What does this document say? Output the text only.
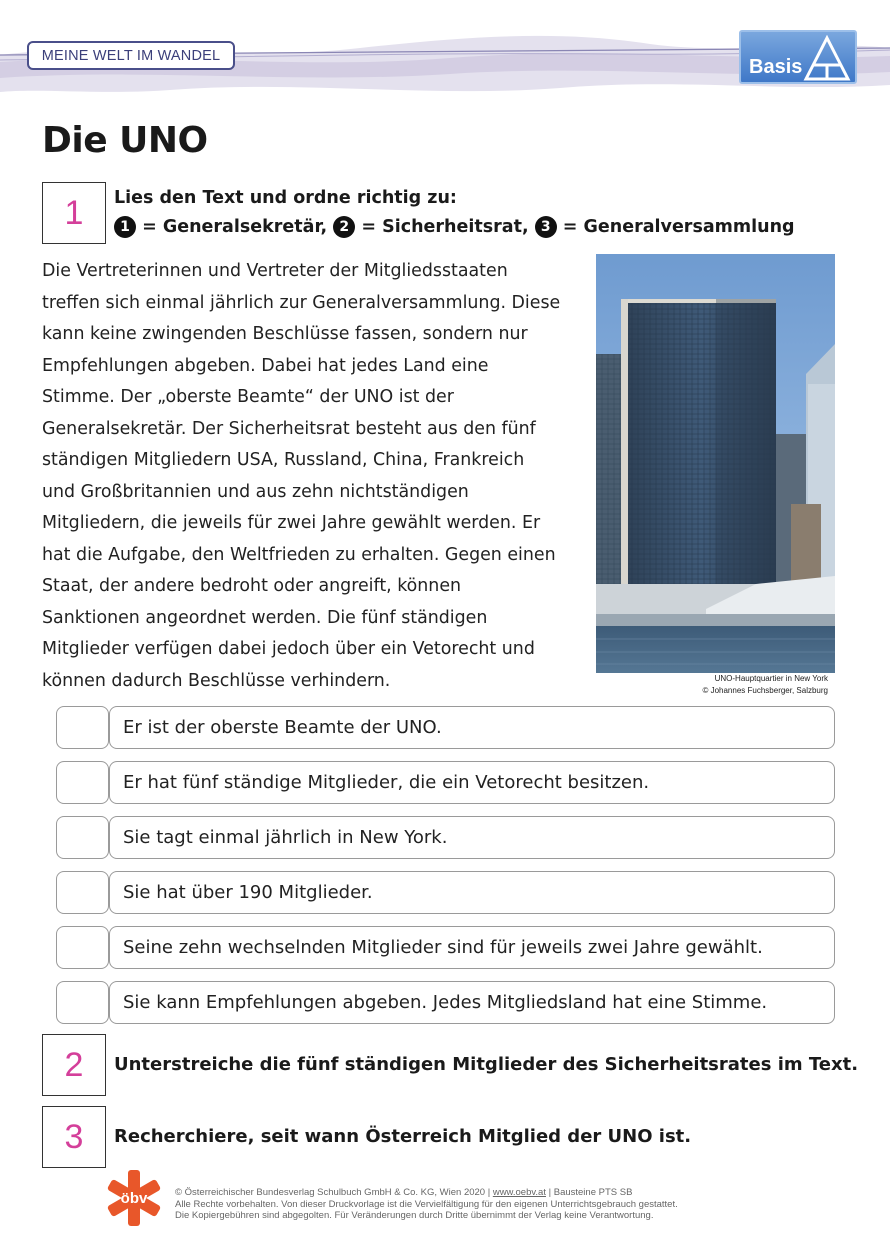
MEINE WELT IM WANDEL
Basis
Die UNO
1	Lies den Text und ordne richtig zu:
1 = Generalsekretär, 2 = Sicherheitsrat, 3 = Generalversammlung
Die Vertreterinnen und Vertreter der Mitgliedsstaaten
treffen sich einmal jährlich zur Generalversammlung. Diese
kann keine zwingenden Beschlüsse fassen, sondern nur
Empfehlungen abgeben. Dabei hat jedes Land eine
Stimme. Der „oberste Beamte“ der UNO ist der
Generalsekretär. Der Sicherheitsrat besteht aus den fünf
ständigen Mitgliedern USA, Russland, China, Frankreich
und Großbritannien und aus zehn nichtständigen
Mitgliedern, die jeweils für zwei Jahre gewählt werden. Er
hat die Aufgabe, den Weltfrieden zu erhalten. Gegen einen
Staat, der andere bedroht oder angreift, können
Sanktionen angeordnet werden. Die fünf ständigen
Mitglieder verfügen dabei jedoch über ein Vetorecht und
können dadurch Beschlüsse verhindern.	UNO-Hauptquartier in New York
© Johannes Fuchsberger, Salzburg
Er ist der oberste Beamte der UNO.
Er hat fünf ständige Mitglieder, die ein Vetorecht besitzen.
Sie tagt einmal jährlich in New York.
Sie hat über 190 Mitglieder.
Seine zehn wechselnden Mitglieder sind für jeweils zwei Jahre gewählt.
Sie kann Empfehlungen abgeben. Jedes Mitgliedsland hat eine Stimme.
2	Unterstreiche die fünf ständigen Mitglieder des Sicherheitsrates im Text.
3	Recherchiere, seit wann Österreich Mitglied der UNO ist.
öbv	© Österreichischer Bundesverlag Schulbuch GmbH & Co. KG, Wien 2020 | www.oebv.at | Bausteine PTS SB
Alle Rechte vorbehalten. Von dieser Druckvorlage ist die Vervielfältigung für den eigenen Unterrichtsgebrauch gestattet.
Die Kopiergebühren sind abgegolten. Für Veränderungen durch Dritte übernimmt der Verlag keine Verantwortung.
